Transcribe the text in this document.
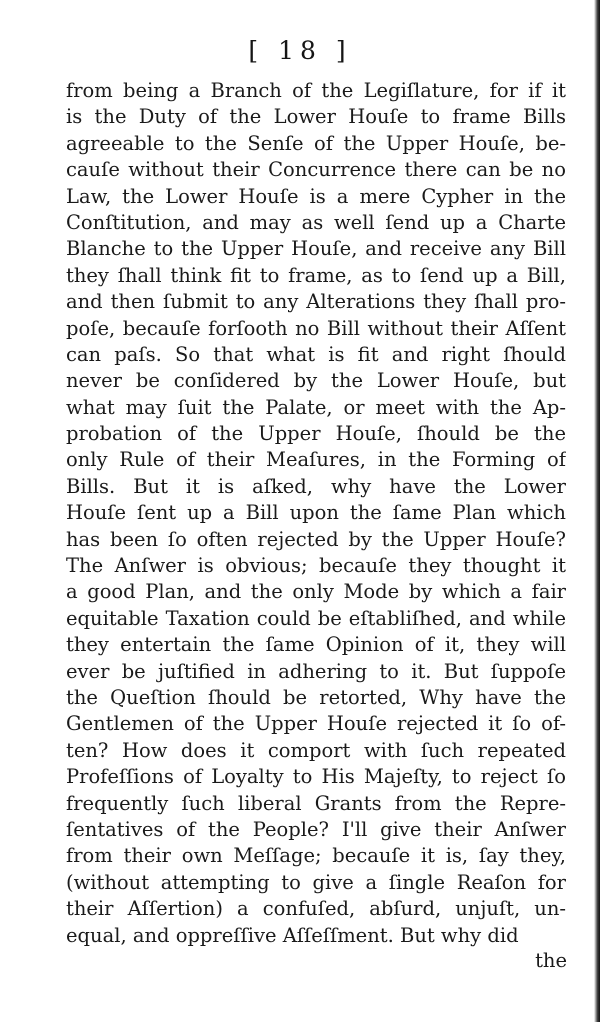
[ 18 ]
from being a Branch of the Legiſlature, for if it
is the Duty of the Lower Houſe to frame Bills
agreeable to the Senſe of the Upper Houſe, be-
cauſe without their Concurrence there can be no
Law, the Lower Houſe is a mere Cypher in the
Conſtitution, and may as well ſend up a Charte
Blanche to the Upper Houſe, and receive any Bill
they ſhall think fit to frame, as to ſend up a Bill,
and then ſubmit to any Alterations they ſhall pro-
poſe, becauſe forſooth no Bill without their Aſſent
can paſs. So that what is fit and right ſhould
never be conſidered by the Lower Houſe, but
what may ſuit the Palate, or meet with the Ap-
probation of the Upper Houſe, ſhould be the
only Rule of their Meaſures, in the Forming of
Bills. But it is aſked, why have the Lower
Houſe ſent up a Bill upon the ſame Plan which
has been ſo often rejected by the Upper Houſe?
The Anſwer is obvious; becauſe they thought it
a good Plan, and the only Mode by which a fair
equitable Taxation could be eſtabliſhed, and while
they entertain the ſame Opinion of it, they will
ever be juſtified in adhering to it. But ſuppoſe
the Queſtion ſhould be retorted, Why have the
Gentlemen of the Upper Houſe rejected it ſo of-
ten? How does it comport with ſuch repeated
Profeſſions of Loyalty to His Majeſty, to reject ſo
frequently ſuch liberal Grants from the Repre-
ſentatives of the People? I'll give their Anſwer
from their own Meſſage; becauſe it is, ſay they,
(without attempting to give a ſingle Reaſon for
their Aſſertion) a confuſed, abſurd, unjuſt, un-
equal, and oppreſſive Aſſeſſment. But why did
the
